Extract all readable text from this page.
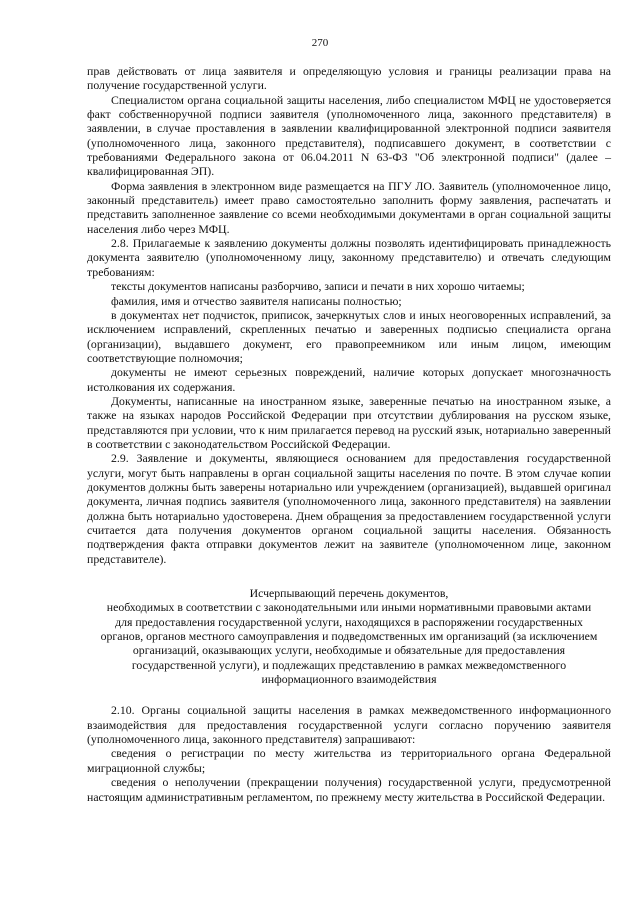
270

прав действовать от лица заявителя и определяющую условия и границы реализации права на получение государственной услуги.

Специалистом органа социальной защиты населения, либо специалистом МФЦ не удостоверяется факт собственноручной подписи заявителя (уполномоченного лица, законного представителя) в заявлении, в случае проставления в заявлении квалифицированной электронной подписи заявителя (уполномоченного лица, законного представителя), подписавшего документ, в соответствии с требованиями Федерального закона от 06.04.2011 N 63-ФЗ "Об электронной подписи" (далее – квалифицированная ЭП).

Форма заявления в электронном виде размещается на ПГУ ЛО. Заявитель (уполномоченное лицо, законный представитель) имеет право самостоятельно заполнить форму заявления, распечатать и представить заполненное заявление со всеми необходимыми документами в орган социальной защиты населения либо через МФЦ.

2.8. Прилагаемые к заявлению документы должны позволять идентифицировать принадлежность документа заявителю (уполномоченному лицу, законному представителю) и отвечать следующим требованиям:

тексты документов написаны разборчиво, записи и печати в них хорошо читаемы;

фамилия, имя и отчество заявителя написаны полностью;

в документах нет подчисток, приписок, зачеркнутых слов и иных неоговоренных исправлений, за исключением исправлений, скрепленных печатью и заверенных подписью специалиста органа (организации), выдавшего документ, его правопреемником или иным лицом, имеющим соответствующие полномочия;

документы не имеют серьезных повреждений, наличие которых допускает многозначность истолкования их содержания.

Документы, написанные на иностранном языке, заверенные печатью на иностранном языке, а также на языках народов Российской Федерации при отсутствии дублирования на русском языке, представляются при условии, что к ним прилагается перевод на русский язык, нотариально заверенный в соответствии с законодательством Российской Федерации.

2.9. Заявление и документы, являющиеся основанием для предоставления государственной услуги, могут быть направлены в орган социальной защиты населения по почте. В этом случае копии документов должны быть заверены нотариально или учреждением (организацией), выдавшей оригинал документа, личная подпись заявителя (уполномоченного лица, законного представителя) на заявлении должна быть нотариально удостоверена. Днем обращения за предоставлением государственной услуги считается дата получения документов органом социальной защиты населения. Обязанность подтверждения факта отправки документов лежит на заявителе (уполномоченном лице, законном представителе).

Исчерпывающий перечень документов,
необходимых в соответствии с законодательными или иными нормативными правовыми актами
для предоставления государственной услуги, находящихся в распоряжении государственных
органов, органов местного самоуправления и подведомственных им организаций (за исключением
организаций, оказывающих услуги, необходимые и обязательные для предоставления
государственной услуги), и подлежащих представлению в рамках межведомственного
информационного взаимодействия

2.10. Органы социальной защиты населения в рамках межведомственного информационного взаимодействия для предоставления государственной услуги согласно поручению заявителя (уполномоченного лица, законного представителя) запрашивают:

сведения о регистрации по месту жительства из территориального органа Федеральной миграционной службы;

сведения о неполучении (прекращении получения) государственной услуги, предусмотренной настоящим административным регламентом, по прежнему месту жительства в Российской Федерации.
